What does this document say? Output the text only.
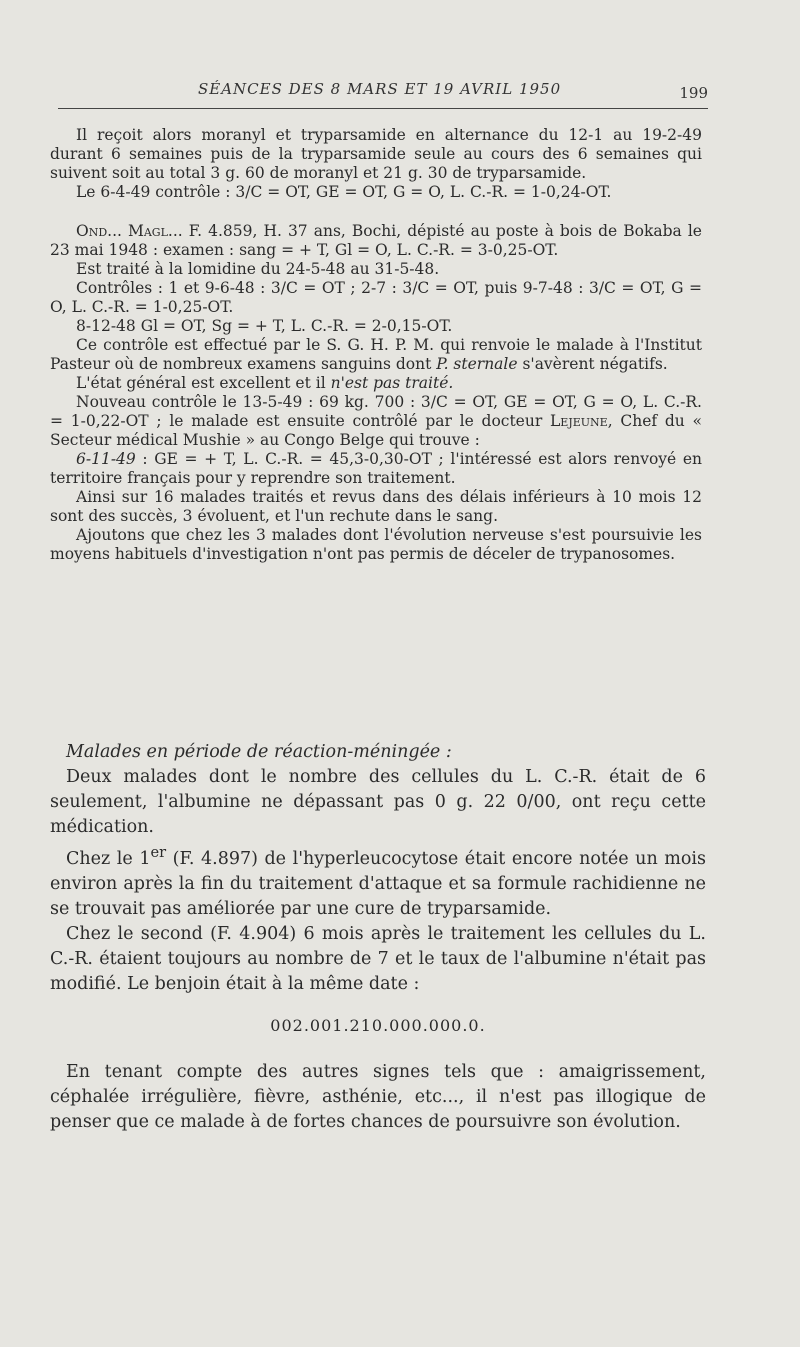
SÉANCES DES 8 MARS ET 19 AVRIL 1950	199

Il reçoit alors moranyl et tryparsamide en alternance du 12-1 au 19-2-49 durant 6 semaines puis de la tryparsamide seule au cours des 6 semaines qui suivent soit au total 3 g. 60 de moranyl et 21 g. 30 de tryparsamide.

Le 6-4-49 contrôle : 3/C = OT, GE = OT, G = O, L. C.-R. = 1-0,24-OT.

Ond... Magl... F. 4.859, H. 37 ans, Bochi, dépisté au poste à bois de Bokaba le 23 mai 1948 : examen : sang = + T, Gl = O, L. C.-R. = 3-0,25-OT.

Est traité à la lomidine du 24-5-48 au 31-5-48.

Contrôles : 1 et 9-6-48 : 3/C = OT ; 2-7 : 3/C = OT, puis 9-7-48 : 3/C = OT, G = O, L. C.-R. = 1-0,25-OT.

8-12-48 Gl = OT, Sg = + T, L. C.-R. = 2-0,15-OT.

Ce contrôle est effectué par le S. G. H. P. M. qui renvoie le malade à l'Institut Pasteur où de nombreux examens sanguins dont P. sternale s'avèrent négatifs.

L'état général est excellent et il n'est pas traité.

Nouveau contrôle le 13-5-49 : 69 kg. 700 : 3/C = OT, GE = OT, G = O, L. C.-R. = 1-0,22-OT ; le malade est ensuite contrôlé par le docteur Lejeune, Chef du « Secteur médical Mushie » au Congo Belge qui trouve :

6-11-49 : GE = + T, L. C.-R. = 45,3-0,30-OT ; l'intéressé est alors renvoyé en territoire français pour y reprendre son traitement.

Ainsi sur 16 malades traités et revus dans des délais inférieurs à 10 mois 12 sont des succès, 3 évoluent, et l'un rechute dans le sang.

Ajoutons que chez les 3 malades dont l'évolution nerveuse s'est poursuivie les moyens habituels d'investigation n'ont pas permis de déceler de trypanosomes.

Malades en période de réaction-méningée :

Deux malades dont le nombre des cellules du L. C.-R. était de 6 seulement, l'albumine ne dépassant pas 0 g. 22 0/00, ont reçu cette médication.

Chez le 1er (F. 4.897) de l'hyperleucocytose était encore notée un mois environ après la fin du traitement d'attaque et sa formule rachidienne ne se trouvait pas améliorée par une cure de tryparsamide.

Chez le second (F. 4.904) 6 mois après le traitement les cellules du L. C.-R. étaient toujours au nombre de 7 et le taux de l'albumine n'était pas modifié. Le benjoin était à la même date :

002.001.210.000.000.0.

En tenant compte des autres signes tels que : amaigrissement, céphalée irrégulière, fièvre, asthénie, etc..., il n'est pas illogique de penser que ce malade à de fortes chances de poursuivre son évolution.
